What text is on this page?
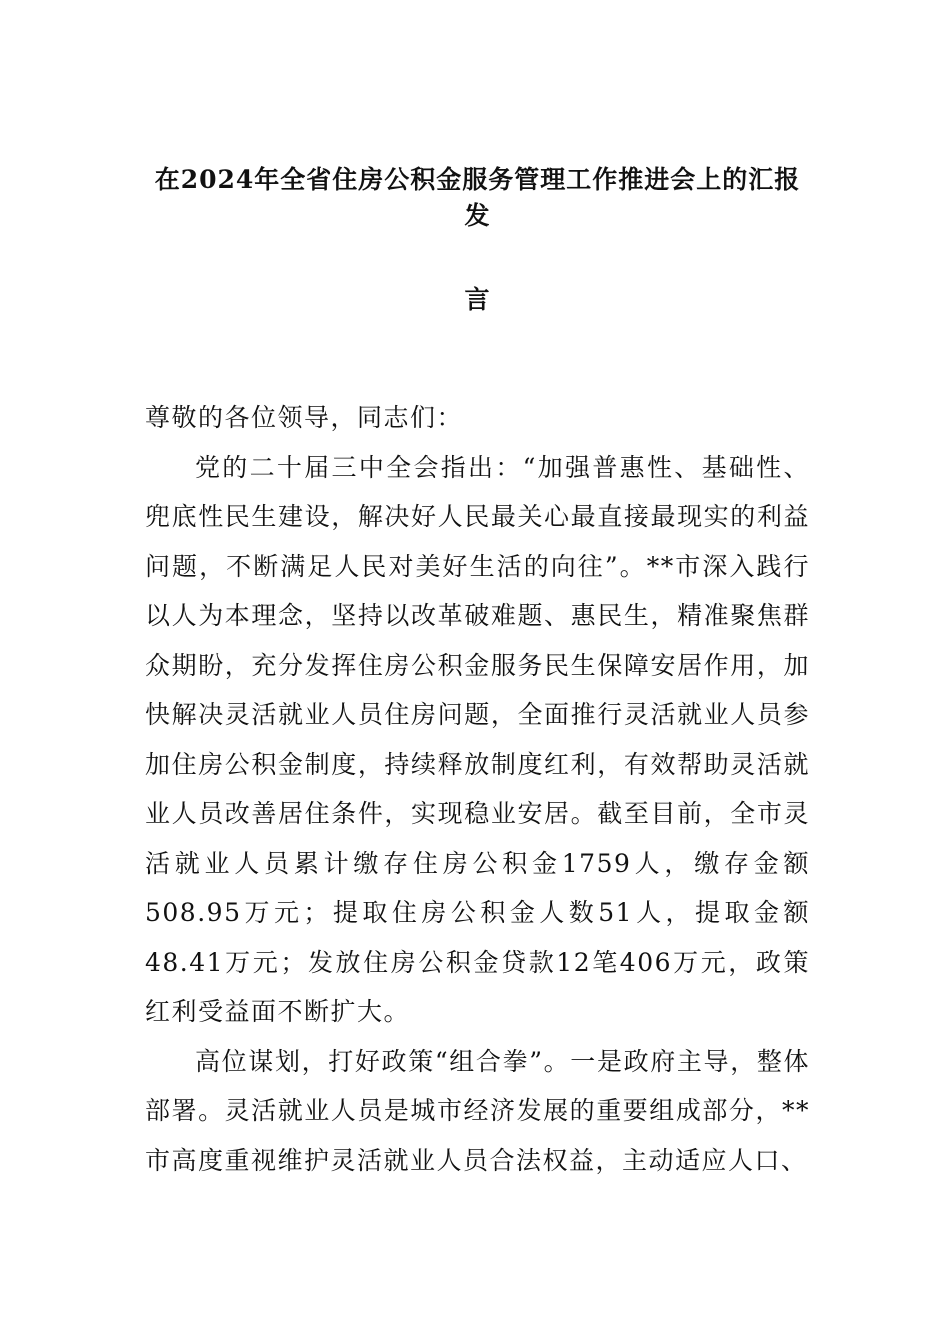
在2024年全省住房公积金服务管理工作推进会上的汇报发
言

尊敬的各位领导，同志们：

党的二十届三中全会指出：“加强普惠性、基础性、兜底性民生建设，解决好人民最关心最直接最现实的利益问题，不断满足人民对美好生活的向往”。**市深入践行以人为本理念，坚持以改革破难题、惠民生，精准聚焦群众期盼，充分发挥住房公积金服务民生保障安居作用，加快解决灵活就业人员住房问题，全面推行灵活就业人员参加住房公积金制度，持续释放制度红利，有效帮助灵活就业人员改善居住条件，实现稳业安居。截至目前，全市灵活就业人员累计缴存住房公积金1759人，缴存金额508.95万元；提取住房公积金人数51人，提取金额48.41万元；发放住房公积金贷款12笔406万元，政策红利受益面不断扩大。

高位谋划，打好政策“组合拳”。一是政府主导，整体部署。灵活就业人员是城市经济发展的重要组成部分，**市高度重视维护灵活就业人员合法权益，主动适应人口、
